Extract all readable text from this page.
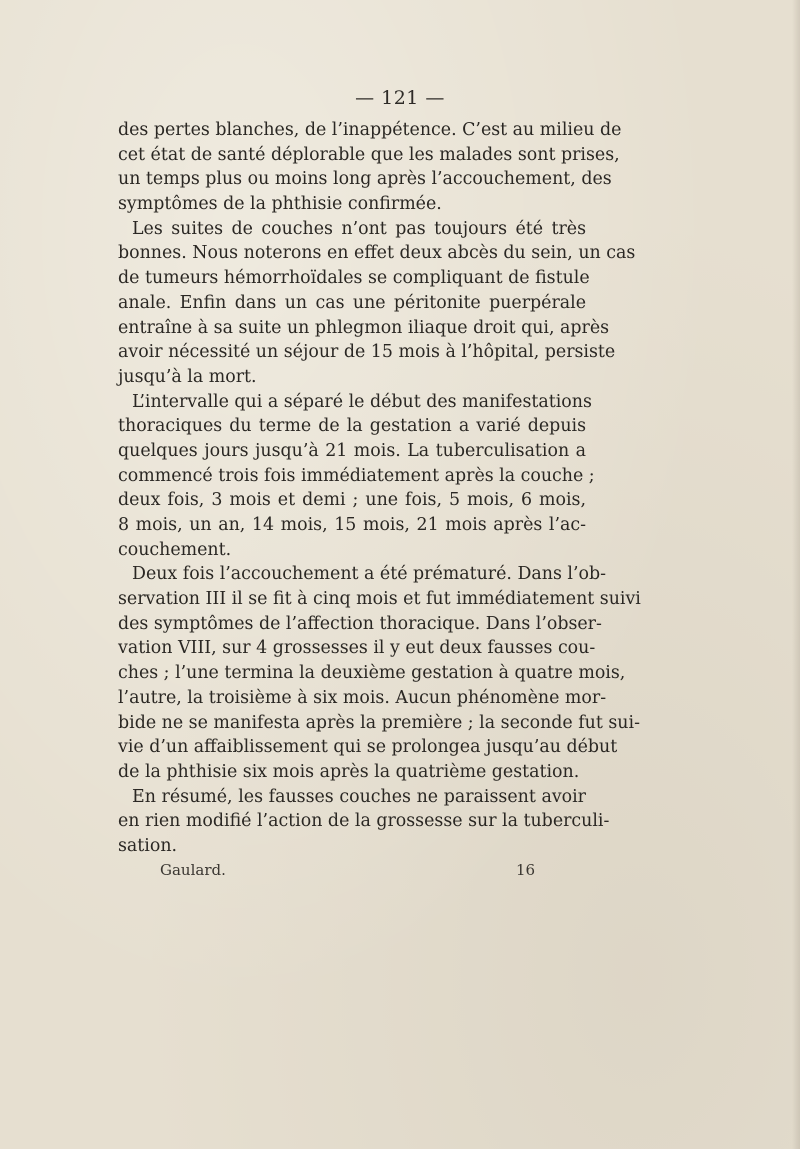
— 121 —
des pertes blanches, de l’inappétence. C’est au milieu de
cet état de santé déplorable que les malades sont prises,
un temps plus ou moins long après l’accouchement, des
symptômes de la phthisie confirmée.
Les suites de couches n’ont pas toujours été très
bonnes. Nous noterons en effet deux abcès du sein, un cas
de tumeurs hémorrhoïdales se compliquant de fistule
anale. Enfin dans un cas une péritonite puerpérale
entraîne à sa suite un phlegmon iliaque droit qui, après
avoir nécessité un séjour de 15 mois à l’hôpital, persiste
jusqu’à la mort.
L’intervalle qui a séparé le début des manifestations
thoraciques du terme de la gestation a varié depuis
quelques jours jusqu’à 21 mois. La tuberculisation a
commencé trois fois immédiatement après la couche ;
deux fois, 3 mois et demi ; une fois, 5 mois, 6 mois,
8 mois, un an, 14 mois, 15 mois, 21 mois après l’ac-
couchement.
Deux fois l’accouchement a été prématuré. Dans l’ob-
servation III il se fit à cinq mois et fut immédiatement suivi
des symptômes de l’affection thoracique. Dans l’obser-
vation VIII, sur 4 grossesses il y eut deux fausses cou-
ches ; l’une termina la deuxième gestation à quatre mois,
l’autre, la troisième à six mois. Aucun phénomène mor-
bide ne se manifesta après la première ; la seconde fut sui-
vie d’un affaiblissement qui se prolongea jusqu’au début
de la phthisie six mois après la quatrième gestation.
En résumé, les fausses couches ne paraissent avoir
en rien modifié l’action de la grossesse sur la tuberculi-
sation.
Gaulard.	16
